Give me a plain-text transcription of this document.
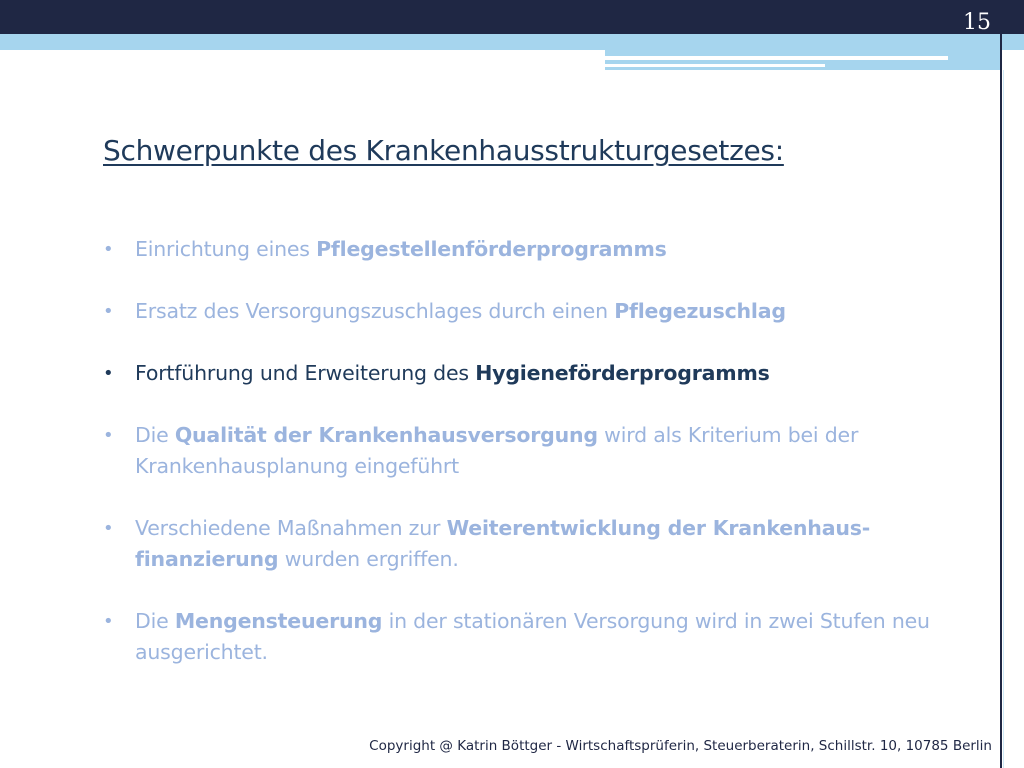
15
Schwerpunkte des Krankenhausstrukturgesetzes:
• Einrichtung eines Pflegestellenförderprogramms
• Ersatz des Versorgungszuschlages durch einen Pflegezuschlag
• Fortführung und Erweiterung des Hygieneförderprogramms
• Die Qualität der Krankenhausversorgung wird als Kriterium bei der Krankenhausplanung eingeführt
• Verschiedene Maßnahmen zur Weiterentwicklung der Krankenhaus-finanzierung wurden ergriffen.
• Die Mengensteuerung in der stationären Versorgung wird in zwei Stufen neu ausgerichtet.
Copyright @ Katrin Böttger - Wirtschaftsprüferin, Steuerberaterin, Schillstr. 10, 10785 Berlin
